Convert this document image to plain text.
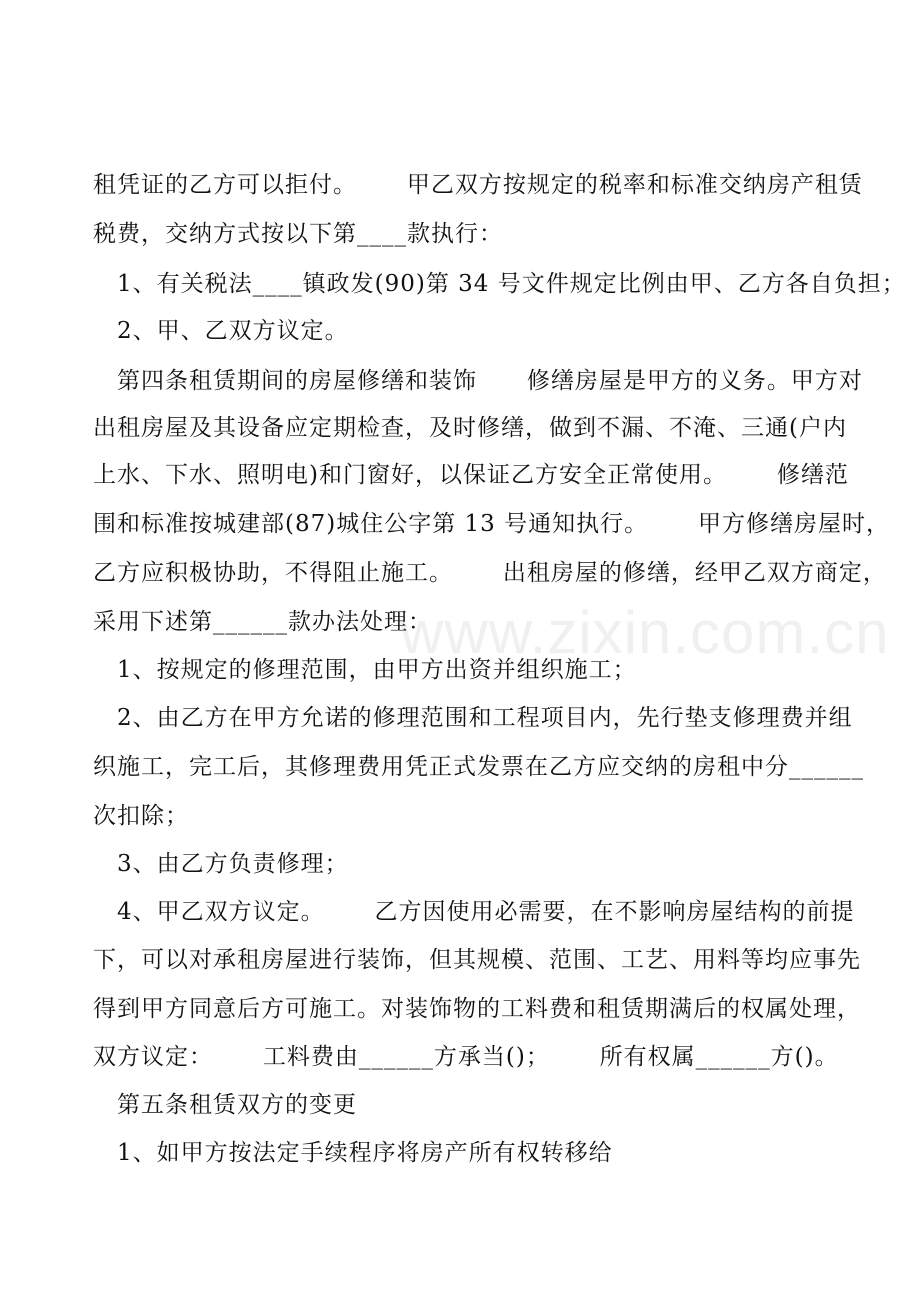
租凭证的乙方可以拒付。      甲乙双方按规定的税率和标准交纳房产租赁

税费，交纳方式按以下第____款执行：

1、有关税法____镇政发(90)第 34 号文件规定比例由甲、乙方各自负担；

2、甲、乙双方议定。

第四条租赁期间的房屋修缮和装饰      修缮房屋是甲方的义务。甲方对

出租房屋及其设备应定期检查，及时修缮，做到不漏、不淹、三通(户内

上水、下水、照明电)和门窗好，以保证乙方安全正常使用。      修缮范

围和标准按城建部(87)城住公字第 13 号通知执行。      甲方修缮房屋时，

乙方应积极协助，不得阻止施工。      出租房屋的修缮，经甲乙双方商定，

采用下述第______款办法处理：

1、按规定的修理范围，由甲方出资并组织施工；

2、由乙方在甲方允诺的修理范围和工程项目内，先行垫支修理费并组

织施工，完工后，其修理费用凭正式发票在乙方应交纳的房租中分______

次扣除；

3、由乙方负责修理；

4、甲乙双方议定。      乙方因使用必需要，在不影响房屋结构的前提

下，可以对承租房屋进行装饰，但其规模、范围、工艺、用料等均应事先

得到甲方同意后方可施工。对装饰物的工料费和租赁期满后的权属处理，

双方议定：      工料费由______方承当()；      所有权属______方()。

第五条租赁双方的变更

1、如甲方按法定手续程序将房产所有权转移给

www.zixin.com.cn
